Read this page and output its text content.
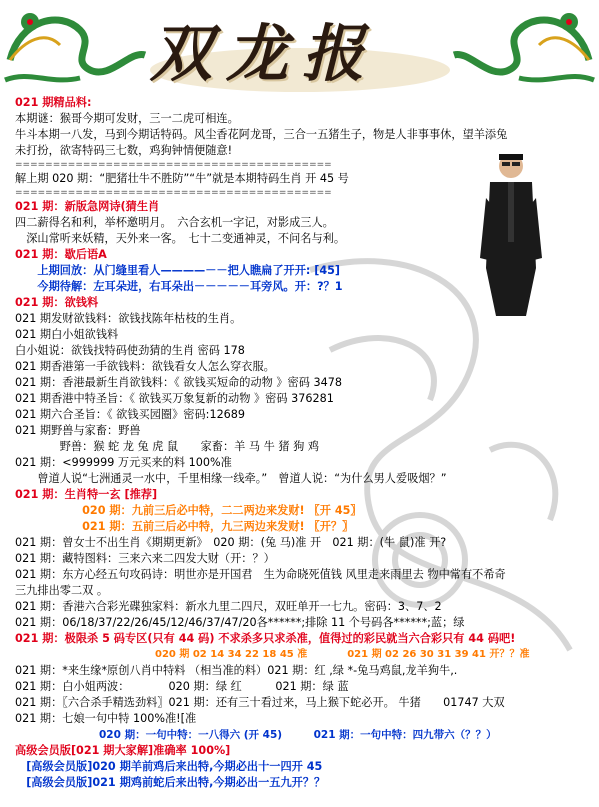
双龙报
021 期精品料:
本期谜：猴哥今期可发财，三一二虎可相连。
牛斗本期一八发，马到今期话特码。风尘香花阿龙哥，三合一五猪生子，物是人非事事休，望羊添兔
未打扮，欲寄特码三七数，鸡狗钟情便随意!
==========================================
解上期 020 期：“肥猪壮牛不胜防”“牛”就是本期特码生肖 开 45 号
==========================================
021 期：新版急网诗(猜生肖
四二薪得名和利，举杯邀明月。　六合玄机一字记，对影成三人。
　深山常听来妖精，天外来一客。　七十二变通神灵，不问名与利。
021 期：歇后语A
　　上期回放：从门缝里看人————－－把人瞧扁了开开: [45]
　　今期待解：左耳朵进，右耳朵出－－－－－耳旁风。开：?？1
021 期：欲钱料
021 期发财欲钱料：欲钱找陈年枯枝的生肖。
021 期白小姐欲钱料
白小姐说：欲钱找特码使劲猜的生肖 密码 178
021 期香港第一手欲钱料：欲钱看女人怎么穿衣服。
021 期：香港最新生肖欲钱料：《 欲钱买短命的动物 》密码 3478
021 期香港中特圣旨：《 欲钱买万象复新的动物 》密码 376281
021 期六合圣旨：《 欲钱买园圈》密码:12689
021 期野兽与家畜：野兽
　　　　野兽：猴 蛇 龙 兔 虎 鼠　　家畜：羊 马 牛 猪 狗 鸡
021 期：<999999 万元买来的料 100%准
　　曾道人说“七洲通灵一水中，千里相缘一线牵。”　曾道人说：“为什么男人爱吸烟？”
021 期：生肖特一玄 [推荐]
　　　　　　020 期：九前三后必中特，二二两边来发财! 〖开 45〗
　　　　　　021 期：五前三后必中特，九三两边来发财! 〖开？〗
021 期：曾女士不出生肖《期期更新》　020 期：(兔 马)准 开　021 期：(牛 鼠)准 开?
021 期：藏特图料：三来六来二四发大财（开：？）
021 期：东方心经五句攻码诗：明世亦是开国君　生为命晓死值钱 风里走来雨里去 物中常有不希奇
三九排出零二双 。
021 期：香港六合彩光碟独家料：新水九里二四尺，双旺单开一七九。密码：3、7、2
021 期：06/18/37/22/26/45/12/46/37/47/20各******;排除 11 个号码各******;蓝；绿
021 期：极限杀 5 码专区(只有 44 码) 不求杀多只求杀准，值得过的彩民就当六合彩只有 44 码吧!
　　　　　　　　　　　　　　020 期 02 14 34 22 18 45 准　　　　021 期 02 26 30 31 39 41 开？？准
021 期：*来生缘*原创八肖中特料 （相当准的料）021 期：红 ,绿 *-兔马鸡鼠,龙羊狗牛,.
021 期：白小姐两波：　　　　020 期：绿 红　　　021 期：绿 蓝
021 期：〖六合杀手精选劲料〗021 期：还有三十看过来，马上猴下蛇必开。 牛猪　　01747 大双
021 期：七娘一句中特 100%准![准
　　　　　　　　020 期：一句中特：一八得六 (开 45)　　　021 期：一句中特：四九带六（？？）
高级会员版[021 期大家解]准确率 100%]
　[高级会员版]020 期羊前鸡后来出特,今期必出十一四开 45
　[高级会员版]021 期鸡前蛇后来出特,今期必出一五九开？？
